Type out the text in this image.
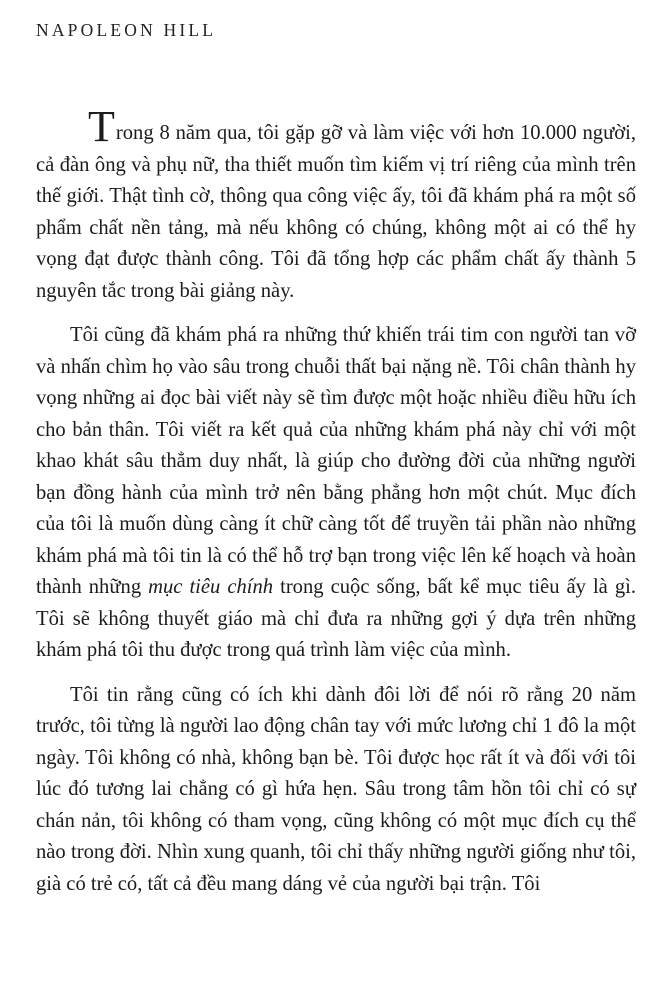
NAPOLEON HILL

Trong 8 năm qua, tôi gặp gỡ và làm việc với hơn 10.000 người, cả đàn ông và phụ nữ, tha thiết muốn tìm kiếm vị trí riêng của mình trên thế giới. Thật tình cờ, thông qua công việc ấy, tôi đã khám phá ra một số phẩm chất nền tảng, mà nếu không có chúng, không một ai có thể hy vọng đạt được thành công. Tôi đã tổng hợp các phẩm chất ấy thành 5 nguyên tắc trong bài giảng này.

Tôi cũng đã khám phá ra những thứ khiến trái tim con người tan vỡ và nhấn chìm họ vào sâu trong chuỗi thất bại nặng nề. Tôi chân thành hy vọng những ai đọc bài viết này sẽ tìm được một hoặc nhiều điều hữu ích cho bản thân. Tôi viết ra kết quả của những khám phá này chỉ với một khao khát sâu thẳm duy nhất, là giúp cho đường đời của những người bạn đồng hành của mình trở nên bằng phẳng hơn một chút. Mục đích của tôi là muốn dùng càng ít chữ càng tốt để truyền tải phần nào những khám phá mà tôi tin là có thể hỗ trợ bạn trong việc lên kế hoạch và hoàn thành những mục tiêu chính trong cuộc sống, bất kể mục tiêu ấy là gì. Tôi sẽ không thuyết giáo mà chỉ đưa ra những gợi ý dựa trên những khám phá tôi thu được trong quá trình làm việc của mình.

Tôi tin rằng cũng có ích khi dành đôi lời để nói rõ rằng 20 năm trước, tôi từng là người lao động chân tay với mức lương chỉ 1 đô la một ngày. Tôi không có nhà, không bạn bè. Tôi được học rất ít và đối với tôi lúc đó tương lai chẳng có gì hứa hẹn. Sâu trong tâm hồn tôi chỉ có sự chán nản, tôi không có tham vọng, cũng không có một mục đích cụ thể nào trong đời. Nhìn xung quanh, tôi chỉ thấy những người giống như tôi, già có trẻ có, tất cả đều mang dáng vẻ của người bại trận. Tôi
